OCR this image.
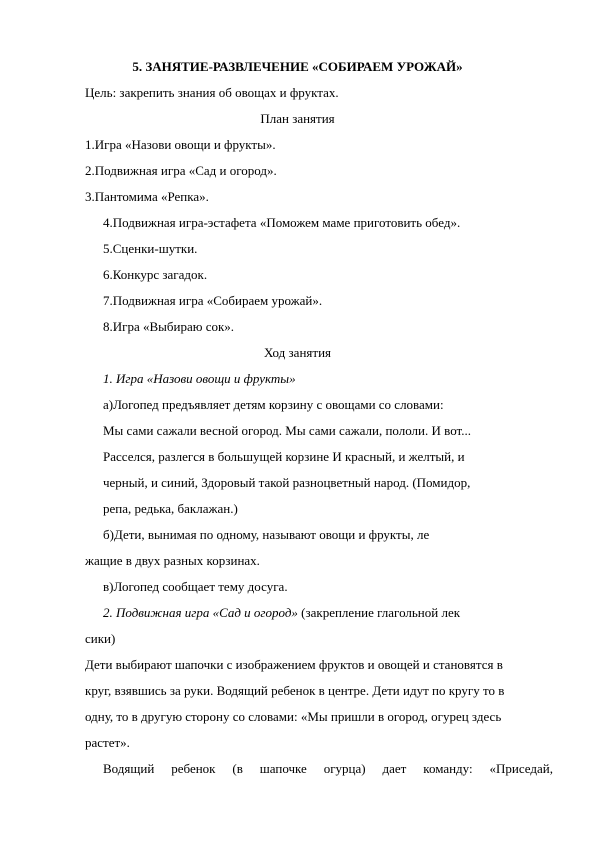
5. ЗАНЯТИЕ-РАЗВЛЕЧЕНИЕ «СОБИРАЕМ УРОЖАЙ»
Цель: закрепить знания об овощах и фруктах.
План занятия
1.Игра «Назови овощи и фрукты».
2.Подвижная игра «Сад и огород».
3.Пантомима «Репка».
4.Подвижная игра-эстафета «Поможем маме приготовить обед».
5.Сценки-шутки.
6.Конкурс загадок.
7.Подвижная игра «Собираем урожай».
8.Игра «Выбираю сок».
Ход занятия
1. Игра «Назови овощи и фрукты»
а)Логопед предъявляет детям корзину с овощами со словами:
Мы сами сажали весной огород. Мы сами сажали, пололи. И вот...
Расселся, разлегся в большущей корзине И красный, и желтый, и
черный, и синий, Здоровый такой разноцветный народ. (Помидор,
репа, редька, баклажан.)
б)Дети, вынимая по одному, называют овощи и фрукты, ле
жащие в двух разных корзинах.
в)Логопед сообщает тему досуга.
2. Подвижная игра «Сад и огород» (закрепление глагольной лек
сики)
Дети выбирают шапочки с изображением фруктов и овощей и становятся в
круг, взявшись за руки. Водящий ребенок в центре. Дети идут по кругу то в
одну, то в другую сторону со словами: «Мы пришли в огород, огурец здесь
растет».
Водящий ребенок (в шапочке огурца) дает команду: «Приседай,
